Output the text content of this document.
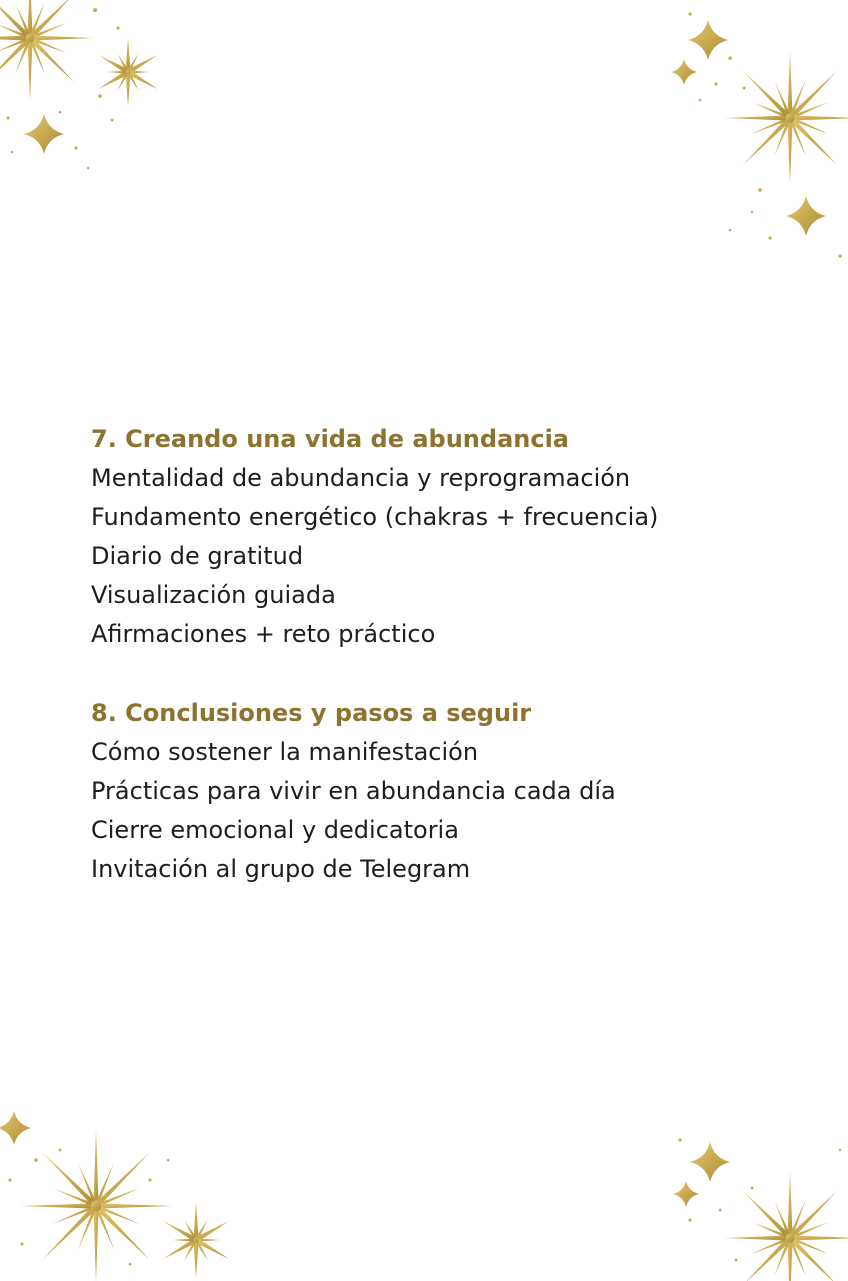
7. Creando una vida de abundancia
Mentalidad de abundancia y reprogramación
Fundamento energético (chakras + frecuencia)
Diario de gratitud
Visualización guiada
Afirmaciones + reto práctico
8. Conclusiones y pasos a seguir
Cómo sostener la manifestación
Prácticas para vivir en abundancia cada día
Cierre emocional y dedicatoria
Invitación al grupo de Telegram
